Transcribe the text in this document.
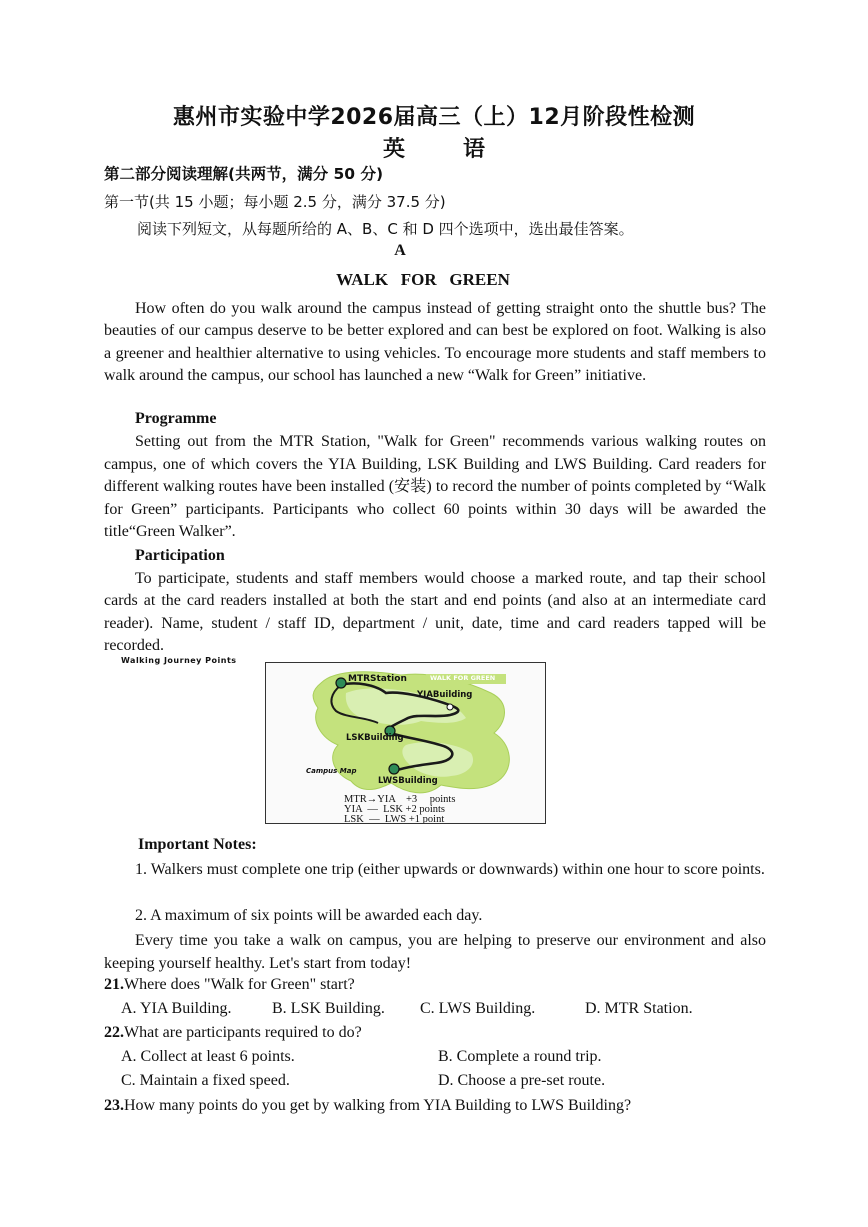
惠州市实验中学2026届高三（上）12月阶段性检测
英语
第二部分阅读理解(共两节，满分 50 分)
第一节(共 15 小题；每小题 2.5 分，满分 37.5 分)
阅读下列短文，从每题所给的 A、B、C 和 D 四个选项中，选出最佳答案。
A
WALK   FOR   GREEN
How often do you walk around the campus instead of getting straight onto the shuttle bus? The beauties of our campus deserve to be better explored and can best be explored on foot. Walking is also a greener and healthier alternative to using vehicles. To encourage more students and staff members to walk around the campus, our school has launched a new “Walk for Green” initiative.
Programme
Setting out from the MTR Station, "Walk for Green" recommends various walking routes on campus, one of which covers the YIA Building, LSK Building and LWS Building. Card readers for different walking routes have been installed (安装) to record the number of points completed by “Walk for Green” participants. Participants who collect 60 points within 30 days will be awarded the title“Green Walker”.
Participation
To participate, students and staff members would choose a marked route, and tap their school cards at the card readers installed at both the start and end points (and also at an intermediate card reader). Name, student / staff ID, department / unit, date, time and card readers tapped will be recorded.
Walking Journey Points
WALK FOR GREEN
MTRStation
YIABuilding
LSKBuilding
LWSBuilding
Campus Map
MTR→YIA +3 points
YIA  —  LSK +2 points
LSK  —  LWS +1 point
Important Notes:
1. Walkers must complete one trip (either upwards or downwards) within one hour to score points.
2. A maximum of six points will be awarded each day.
Every time you take a walk on campus, you are helping to preserve our environment and also keeping yourself healthy. Let's start from today!
21.Where does "Walk for Green" start?
A. YIA Building.	B. LSK Building. C. LWS Building.	D. MTR Station.
22.What are participants required to do?
A. Collect at least 6 points.	B. Complete a round trip.
C. Maintain a fixed speed.	D. Choose a pre-set route.
23.How many points do you get by walking from YIA Building to LWS Building?
